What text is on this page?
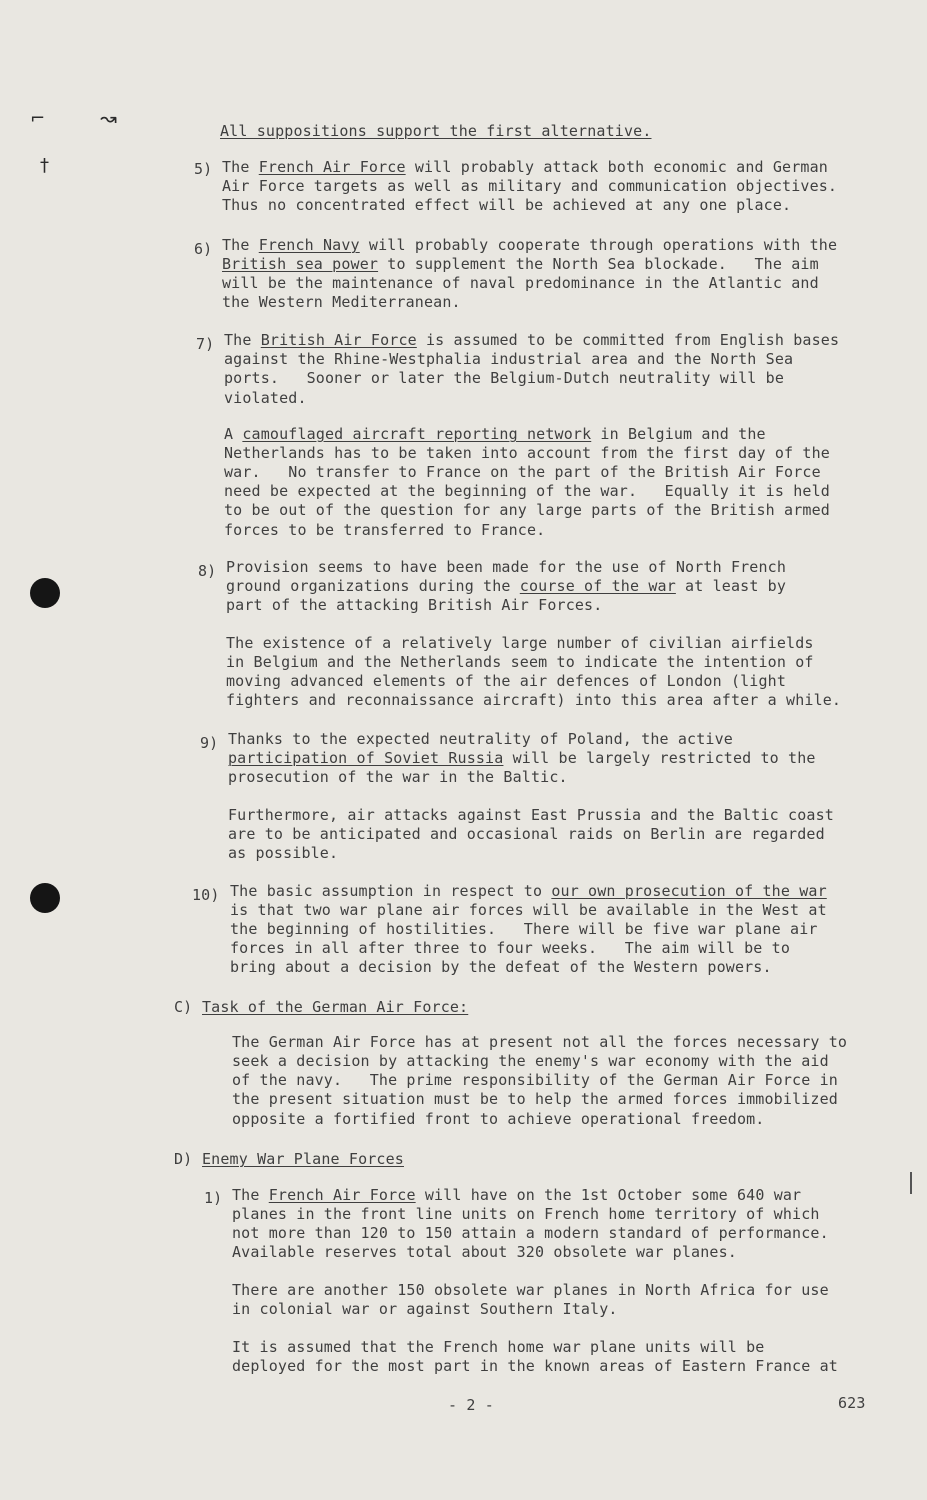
⌐	↝
†
All suppositions support the first alternative.
5) The French Air Force will probably attack both economic and German
Air Force targets as well as military and communication objectives.
Thus no concentrated effect will be achieved at any one place.
6) The French Navy will probably cooperate through operations with the
British sea power to supplement the North Sea blockade.   The aim
will be the maintenance of naval predominance in the Atlantic and
the Western Mediterranean.
7) The British Air Force is assumed to be committed from English bases
against the Rhine-Westphalia industrial area and the North Sea
ports.   Sooner or later the Belgium-Dutch neutrality will be
violated.
A camouflaged aircraft reporting network in Belgium and the
Netherlands has to be taken into account from the first day of the
war.   No transfer to France on the part of the British Air Force
need be expected at the beginning of the war.   Equally it is held
to be out of the question for any large parts of the British armed
forces to be transferred to France.
8) Provision seems to have been made for the use of North French
ground organizations during the course of the war at least by
part of the attacking British Air Forces.
The existence of a relatively large number of civilian airfields
in Belgium and the Netherlands seem to indicate the intention of
moving advanced elements of the air defences of London (light
fighters and reconnaissance aircraft) into this area after a while.
9) Thanks to the expected neutrality of Poland, the active
participation of Soviet Russia will be largely restricted to the
prosecution of the war in the Baltic.
Furthermore, air attacks against East Prussia and the Baltic coast
are to be anticipated and occasional raids on Berlin are regarded
as possible.
10) The basic assumption in respect to our own prosecution of the war
is that two war plane air forces will be available in the West at
the beginning of hostilities.   There will be five war plane air
forces in all after three to four weeks.   The aim will be to
bring about a decision by the defeat of the Western powers.
C) Task of the German Air Force:
The German Air Force has at present not all the forces necessary to
seek a decision by attacking the enemy's war economy with the aid
of the navy.   The prime responsibility of the German Air Force in
the present situation must be to help the armed forces immobilized
opposite a fortified front to achieve operational freedom.
D) Enemy War Plane Forces
1) The French Air Force will have on the 1st October some 640 war
planes in the front line units on French home territory of which
not more than 120 to 150 attain a modern standard of performance.
Available reserves total about 320 obsolete war planes.
There are another 150 obsolete war planes in North Africa for use
in colonial war or against Southern Italy.
It is assumed that the French home war plane units will be
deployed for the most part in the known areas of Eastern France at
- 2 -	623
